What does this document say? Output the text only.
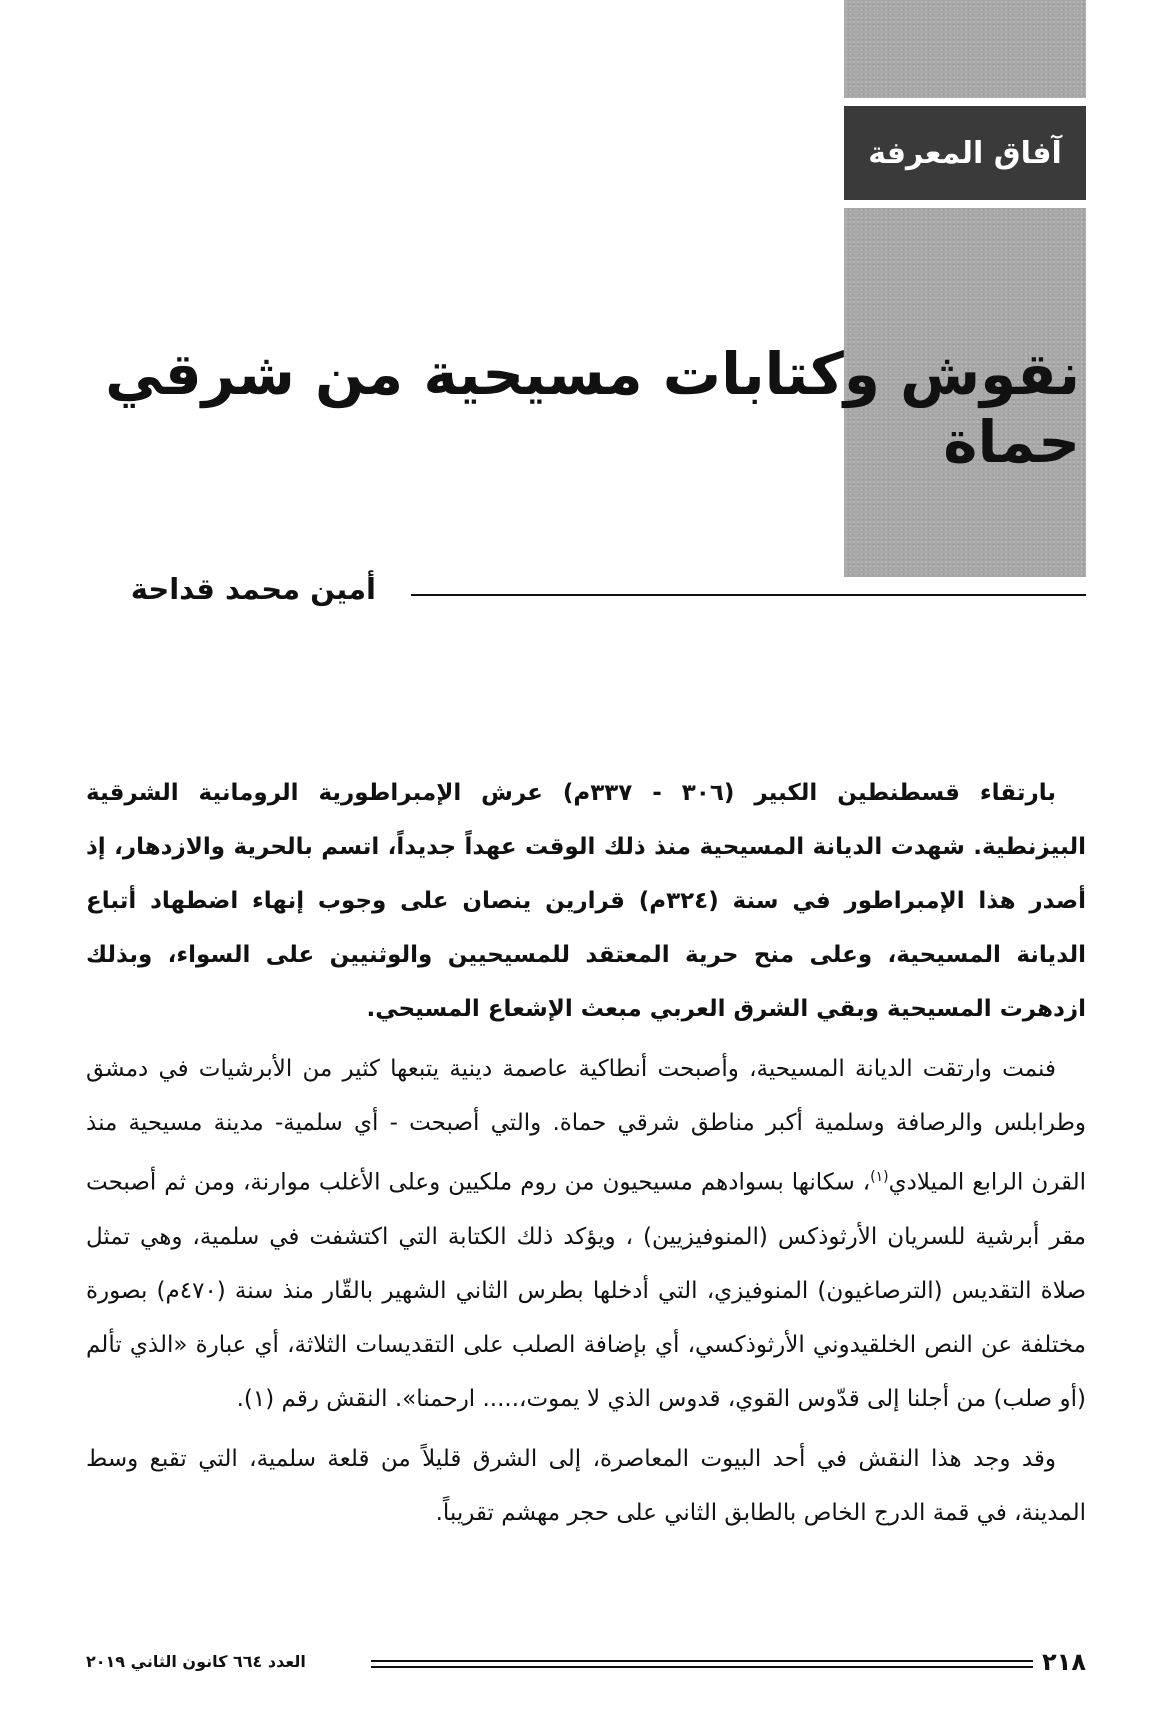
آفاق المعرفة
نقوش وكتابات مسيحية من شرقي حماة
أمين محمد قداحة

بارتقاء قسطنطين الكبير (٣٠٦ - ٣٣٧م) عرش الإمبراطورية الرومانية الشرقية البيزنطية. شهدت الديانة المسيحية منذ ذلك الوقت عهداً جديداً، اتسم بالحرية والازدهار، إذ أصدر هذا الإمبراطور في سنة (٣٢٤م) قرارين ينصان على وجوب إنهاء اضطهاد أتباع الديانة المسيحية، وعلى منح حرية المعتقد للمسيحيين والوثنيين على السواء، وبذلك ازدهرت المسيحية وبقي الشرق العربي مبعث الإشعاع المسيحي.

فنمت وارتقت الديانة المسيحية، وأصبحت أنطاكية عاصمة دينية يتبعها كثير من الأبرشيات في دمشق وطرابلس والرصافة وسلمية أكبر مناطق شرقي حماة. والتي أصبحت - أي سلمية- مدينة مسيحية منذ القرن الرابع الميلادي$^{(١)}$، سكانها بسوادهم مسيحيون من روم ملكيين وعلى الأغلب موارنة، ومن ثم أصبحت مقر أبرشية للسريان الأرثوذكس (المنوفيزيين) ، ويؤكد ذلك الكتابة التي اكتشفت في سلمية، وهي تمثل صلاة التقديس (الترصاغيون) المنوفيزي، التي أدخلها بطرس الثاني الشهير بالقّار منذ سنة (٤٧٠م) بصورة مختلفة عن النص الخلقيدوني الأرثوذكسي، أي بإضافة الصلب على التقديسات الثلاثة، أي عبارة «الذي تألم (أو صلب) من أجلنا إلى قدّوس القوي، قدوس الذي لا يموت،..... ارحمنا». النقش رقم (١).

وقد وجد هذا النقش في أحد البيوت المعاصرة، إلى الشرق قليلاً من قلعة سلمية، التي تقبع وسط المدينة، في قمة الدرج الخاص بالطابق الثاني على حجر مهشم تقريباً.

٢١٨
العدد ٦٦٤ كانون الثاني ٢٠١٩
